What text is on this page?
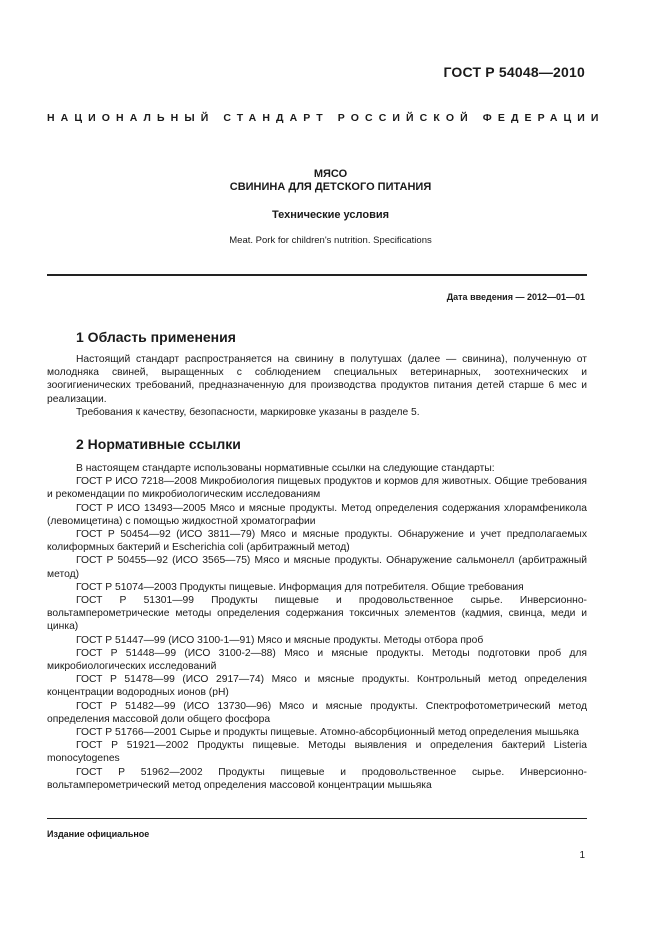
ГОСТ Р 54048—2010
НАЦИОНАЛЬНЫЙ СТАНДАРТ РОССИЙСКОЙ ФЕДЕРАЦИИ
МЯСО
СВИНИНА ДЛЯ ДЕТСКОГО ПИТАНИЯ
Технические условия
Meat. Pork for children's nutrition. Specifications
Дата введения — 2012—01—01
1 Область применения

Настоящий стандарт распространяется на свинину в полутушах (далее — свинина), полученную от молодняка свиней, выращенных с соблюдением специальных ветеринарных, зоотехнических и зоогигиенических требований, предназначенную для производства продуктов питания детей старше 6 мес и реализации.

Требования к качеству, безопасности, маркировке указаны в разделе 5.

2 Нормативные ссылки

В настоящем стандарте использованы нормативные ссылки на следующие стандарты:

ГОСТ Р ИСО 7218—2008 Микробиология пищевых продуктов и кормов для животных. Общие требования и рекомендации по микробиологическим исследованиям

ГОСТ Р ИСО 13493—2005 Мясо и мясные продукты. Метод определения содержания хлорамфеникола (левомицетина) с помощью жидкостной хроматографии

ГОСТ Р 50454—92 (ИСО 3811—79) Мясо и мясные продукты. Обнаружение и учет предполагаемых колиформных бактерий и Escherichia coli (арбитражный метод)

ГОСТ Р 50455—92 (ИСО 3565—75) Мясо и мясные продукты. Обнаружение сальмонелл (арбитражный метод)

ГОСТ Р 51074—2003 Продукты пищевые. Информация для потребителя. Общие требования

ГОСТ Р 51301—99 Продукты пищевые и продовольственное сырье. Инверсионно-вольтамперометрические методы определения содержания токсичных элементов (кадмия, свинца, меди и цинка)

ГОСТ Р 51447—99 (ИСО 3100-1—91) Мясо и мясные продукты. Методы отбора проб

ГОСТ Р 51448—99 (ИСО 3100-2—88) Мясо и мясные продукты. Методы подготовки проб для микробиологических исследований

ГОСТ Р 51478—99 (ИСО 2917—74) Мясо и мясные продукты. Контрольный метод определения концентрации водородных ионов (рН)

ГОСТ Р 51482—99 (ИСО 13730—96) Мясо и мясные продукты. Спектрофотометрический метод определения массовой доли общего фосфора

ГОСТ Р 51766—2001 Сырье и продукты пищевые. Атомно-абсорбционный метод определения мышьяка

ГОСТ Р 51921—2002 Продукты пищевые. Методы выявления и определения бактерий Listeria monocytogenes

ГОСТ Р 51962—2002 Продукты пищевые и продовольственное сырье. Инверсионно-вольтамперометрический метод определения массовой концентрации мышьяка

Издание официальное
1
